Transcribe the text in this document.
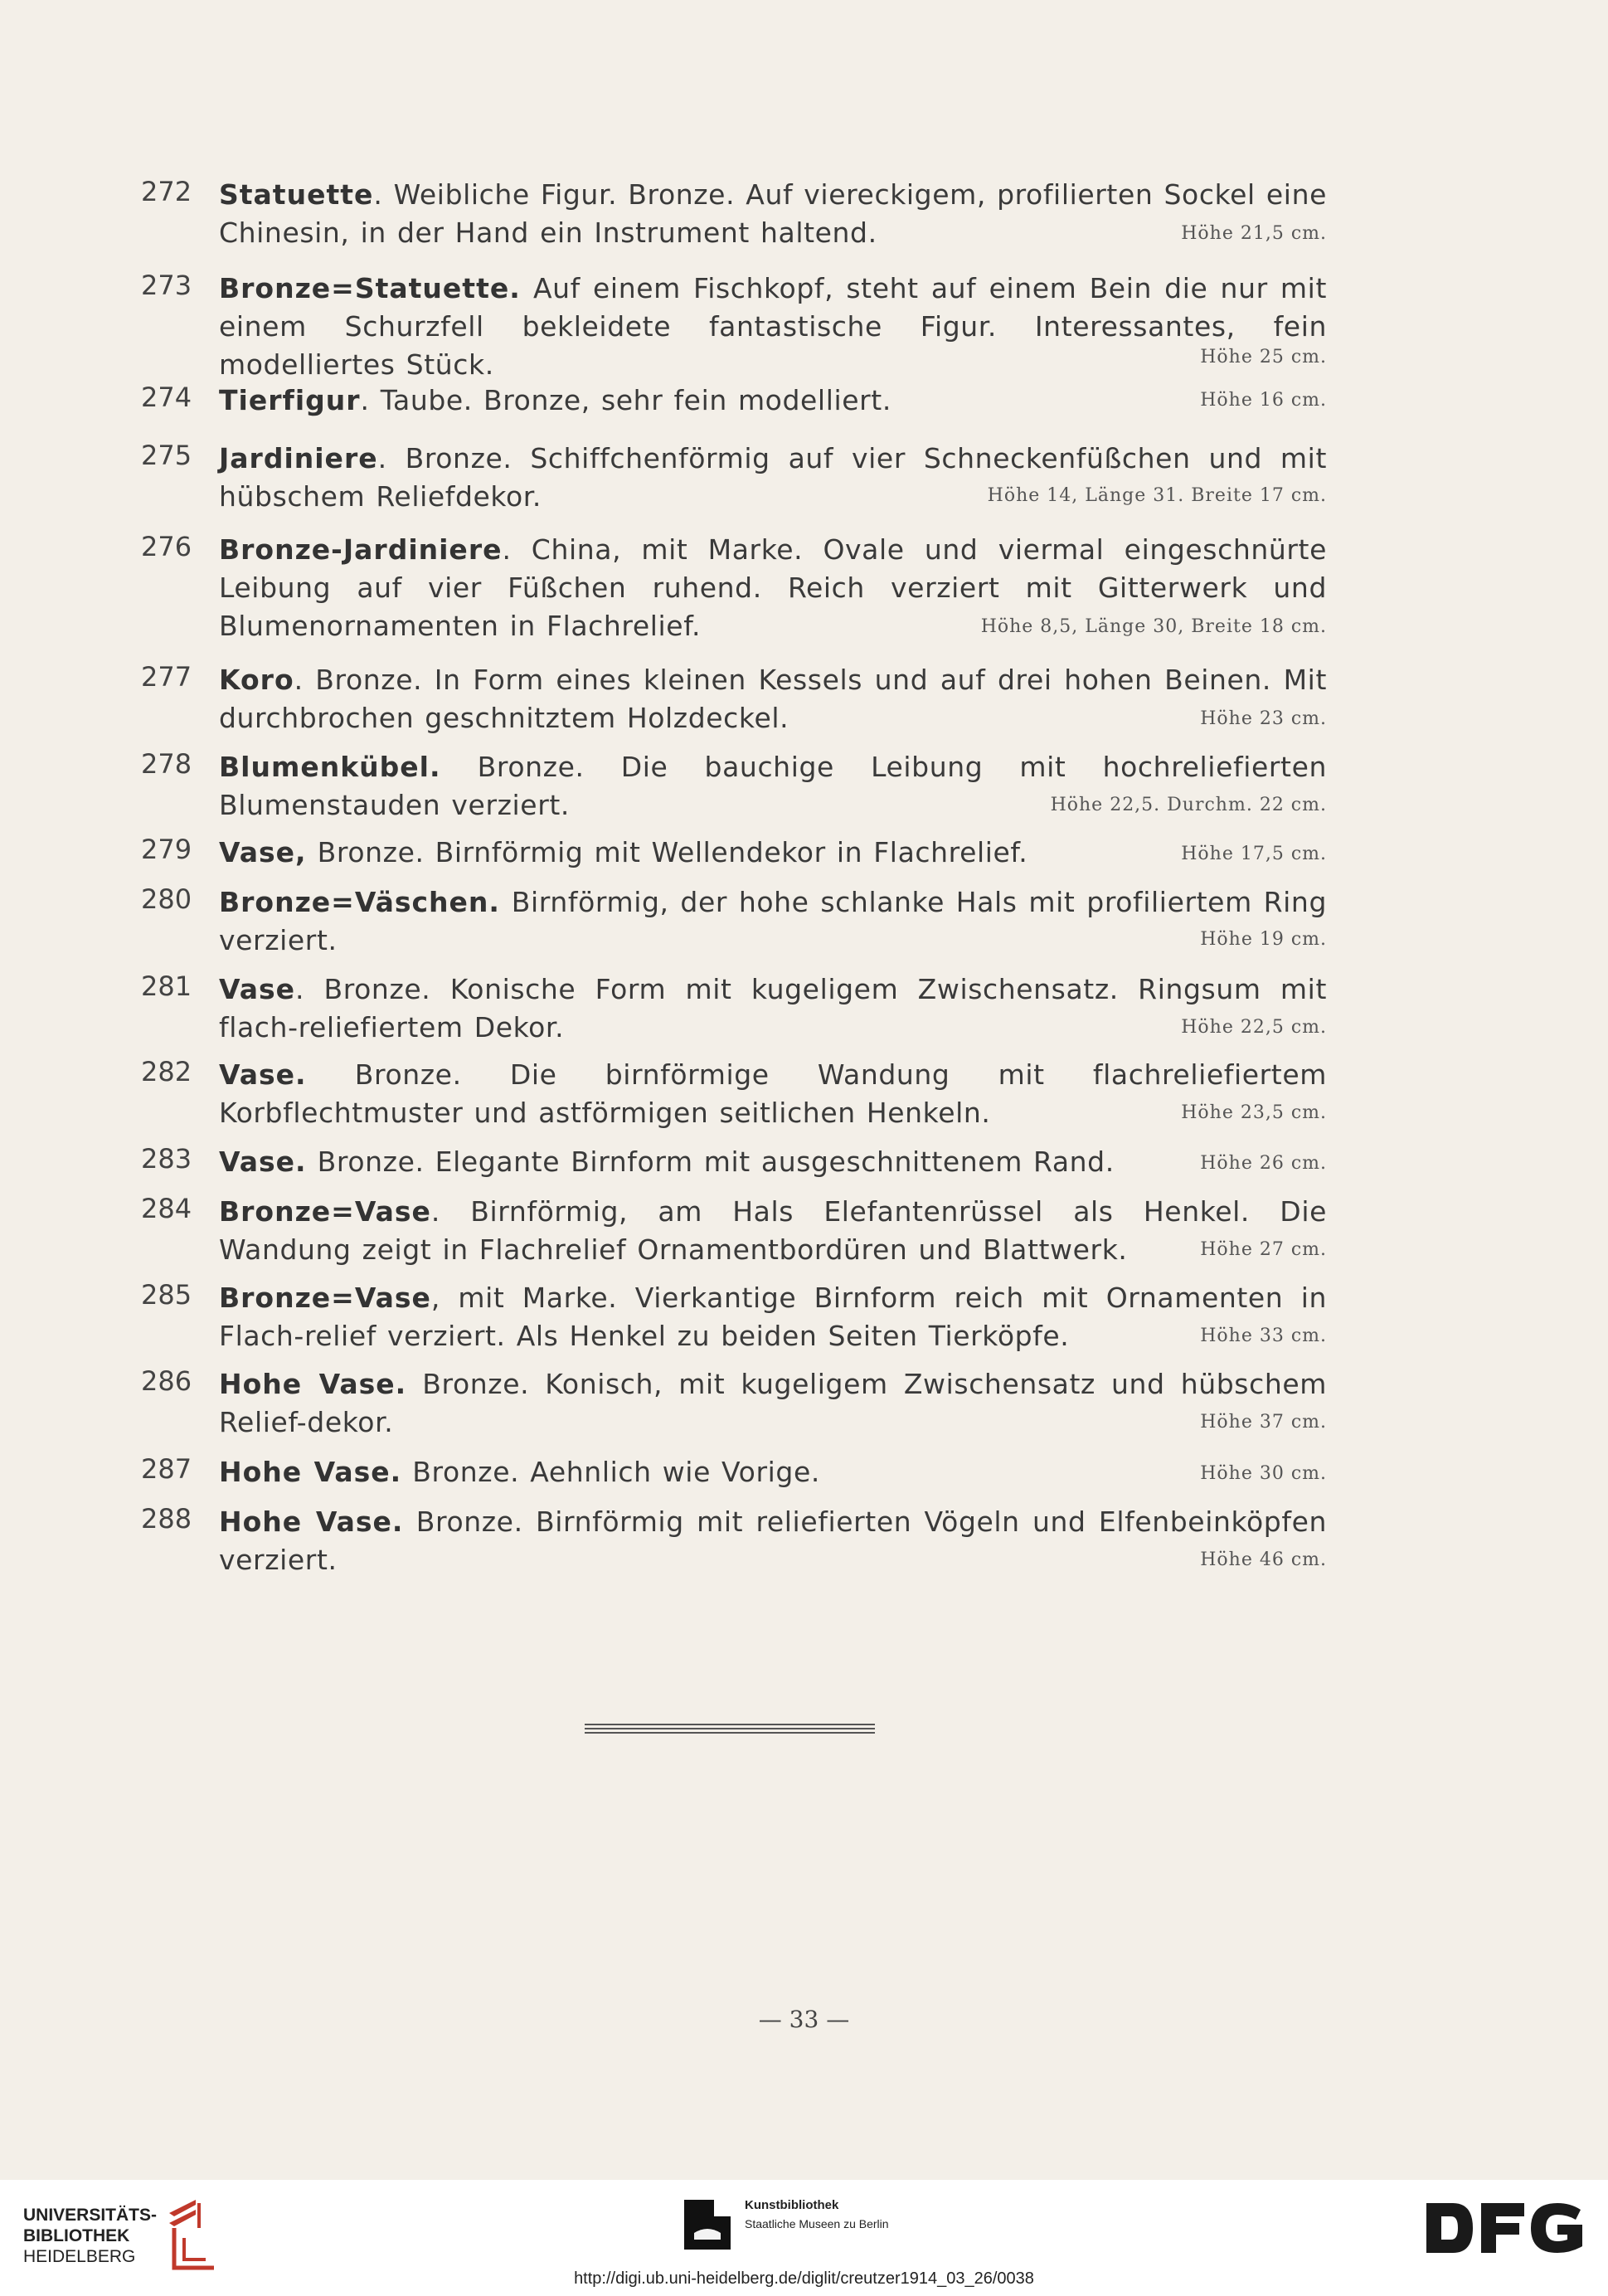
272 Statuette. Weibliche Figur. Bronze. Auf viereckigem, profilierten Sockel eine Chinesin, in der Hand ein Instrument haltend.	Höhe 21,5 cm.
273 Bronze=Statuette. Auf einem Fischkopf, steht auf einem Bein die nur mit einem Schurzfell bekleidete fantastische Figur. Interessantes, fein modelliertes Stück.	Höhe 25 cm.
274 Tierfigur. Taube. Bronze, sehr fein modelliert.	Höhe 16 cm.
275 Jardiniere. Bronze. Schiffchenförmig auf vier Schneckenfüßchen und mit hübschem Reliefdekor.	Höhe 14, Länge 31. Breite 17 cm.
276 Bronze-Jardiniere. China, mit Marke. Ovale und viermal eingeschnürte Leibung auf vier Füßchen ruhend. Reich verziert mit Gitterwerk und Blumenornamenten in Flachrelief.	Höhe 8,5, Länge 30, Breite 18 cm.
277 Koro. Bronze. In Form eines kleinen Kessels und auf drei hohen Beinen. Mit durchbrochen geschnitztem Holzdeckel.	Höhe 23 cm.
278 Blumenkübel. Bronze. Die bauchige Leibung mit hochreliefierten Blumenstauden verziert.	Höhe 22,5. Durchm. 22 cm.
279 Vase, Bronze. Birnförmig mit Wellendekor in Flachrelief.	Höhe 17,5 cm.
280 Bronze=Väschen. Birnförmig, der hohe schlanke Hals mit profiliertem Ring verziert.	Höhe 19 cm.
281 Vase. Bronze. Konische Form mit kugeligem Zwischensatz. Ringsum mit flach-reliefiertem Dekor.	Höhe 22,5 cm.
282 Vase. Bronze. Die birnförmige Wandung mit flachreliefiertem Korbflechtmuster und astförmigen seitlichen Henkeln.	Höhe 23,5 cm.
283 Vase. Bronze. Elegante Birnform mit ausgeschnittenem Rand.	Höhe 26 cm.
284 Bronze=Vase. Birnförmig, am Hals Elefantenrüssel als Henkel. Die Wandung zeigt in Flachrelief Ornamentbordüren und Blattwerk.	Höhe 27 cm.
285 Bronze=Vase, mit Marke. Vierkantige Birnform reich mit Ornamenten in Flach-relief verziert. Als Henkel zu beiden Seiten Tierköpfe.	Höhe 33 cm.
286 Hohe Vase. Bronze. Konisch, mit kugeligem Zwischensatz und hübschem Relief-dekor.	Höhe 37 cm.
287 Hohe Vase. Bronze. Aehnlich wie Vorige.	Höhe 30 cm.
288 Hohe Vase. Bronze. Birnförmig mit reliefierten Vögeln und Elfenbeinköpfen verziert.	Höhe 46 cm.
— 33 —
UNIVERSITÄTS-
BIBLIOTHEK
HEIDELBERG
Kunstbibliothek
Staatliche Museen zu Berlin
http://digi.ub.uni-heidelberg.de/diglit/creutzer1914_03_26/0038
